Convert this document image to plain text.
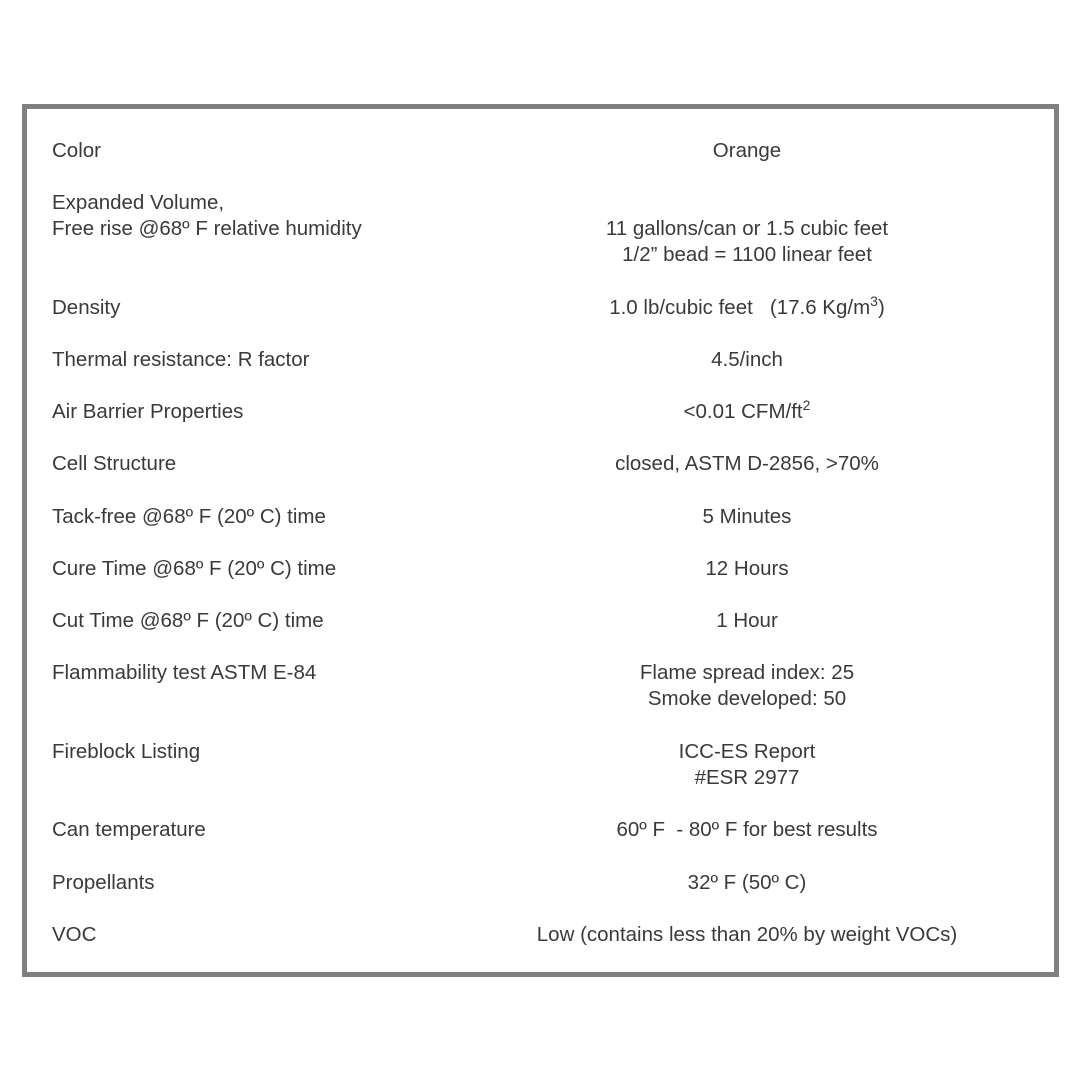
Color	Orange
Expanded Volume,
Free rise @68º F relative humidity	11 gallons/can or 1.5 cubic feet
1/2” bead = 1100 linear feet
Density	1.0 lb/cubic feet   (17.6 $Kg/m^3$)
Thermal resistance: R factor	4.5/inch
Air Barrier Properties	<0.01 CFM/$ft^2$
Cell Structure	closed, ASTM D-2856, >70%
Tack-free @68º F (20º C) time	5 Minutes
Cure Time @68º F (20º C) time	12 Hours
Cut Time @68º F (20º C) time	1 Hour
Flammability test ASTM E-84	Flame spread index: 25
Smoke developed: 50
Fireblock Listing	ICC-ES Report
#ESR 2977
Can temperature	60º F  - 80º F for best results
Propellants	32º F (50º C)
VOC	Low (contains less than 20% by weight VOCs)
